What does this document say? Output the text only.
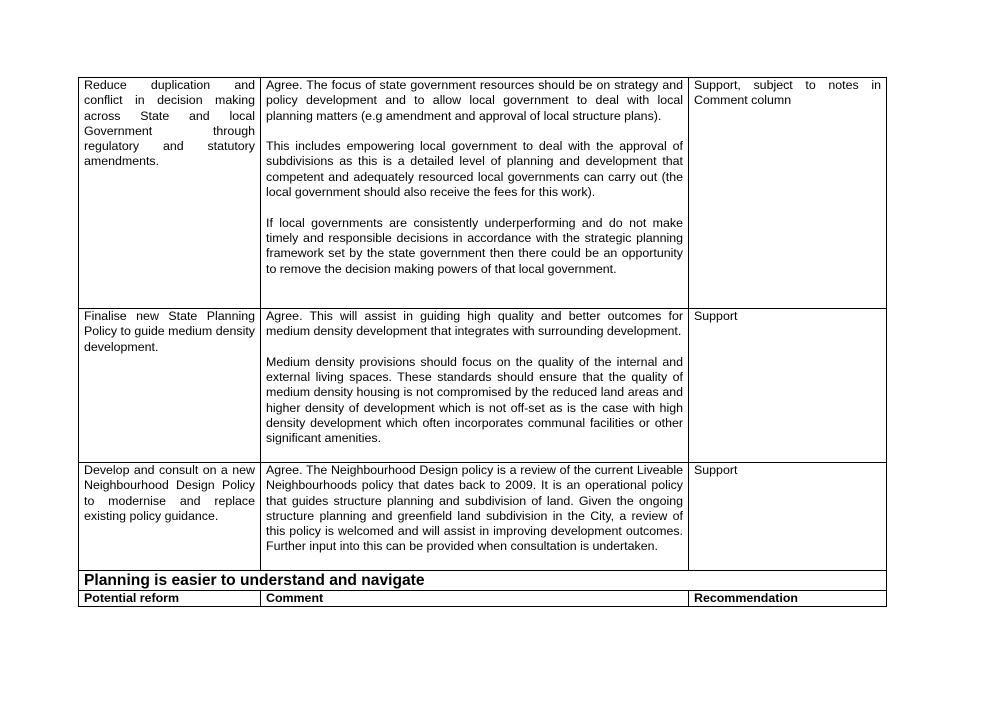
Reduce duplication and conflict in decision making across State and local Government through regulatory and statutory amendments.	Agree. The focus of state government resources should be on strategy and policy development and to allow local government to deal with local planning matters (e.g amendment and approval of local structure plans).

This includes empowering local government to deal with the approval of subdivisions as this is a detailed level of planning and development that competent and adequately resourced local governments can carry out (the local government should also receive the fees for this work).

If local governments are consistently underperforming and do not make timely and responsible decisions in accordance with the strategic planning framework set by the state government then there could be an opportunity to remove the decision making powers of that local government.	Support, subject to notes in Comment column
Finalise new State Planning Policy to guide medium density development.	Agree. This will assist in guiding high quality and better outcomes for medium density development that integrates with surrounding development.

Medium density provisions should focus on the quality of the internal and external living spaces. These standards should ensure that the quality of medium density housing is not compromised by the reduced land areas and higher density of development which is not off-set as is the case with high density development which often incorporates communal facilities or other significant amenities.	Support
Develop and consult on a new Neighbourhood Design Policy to modernise and replace existing policy guidance.	Agree. The Neighbourhood Design policy is a review of the current Liveable Neighbourhoods policy that dates back to 2009. It is an operational policy that guides structure planning and subdivision of land. Given the ongoing structure planning and greenfield land subdivision in the City, a review of this policy is welcomed and will assist in improving development outcomes. Further input into this can be provided when consultation is undertaken.	Support
Planning is easier to understand and navigate		
Potential reform	Comment	Recommendation
